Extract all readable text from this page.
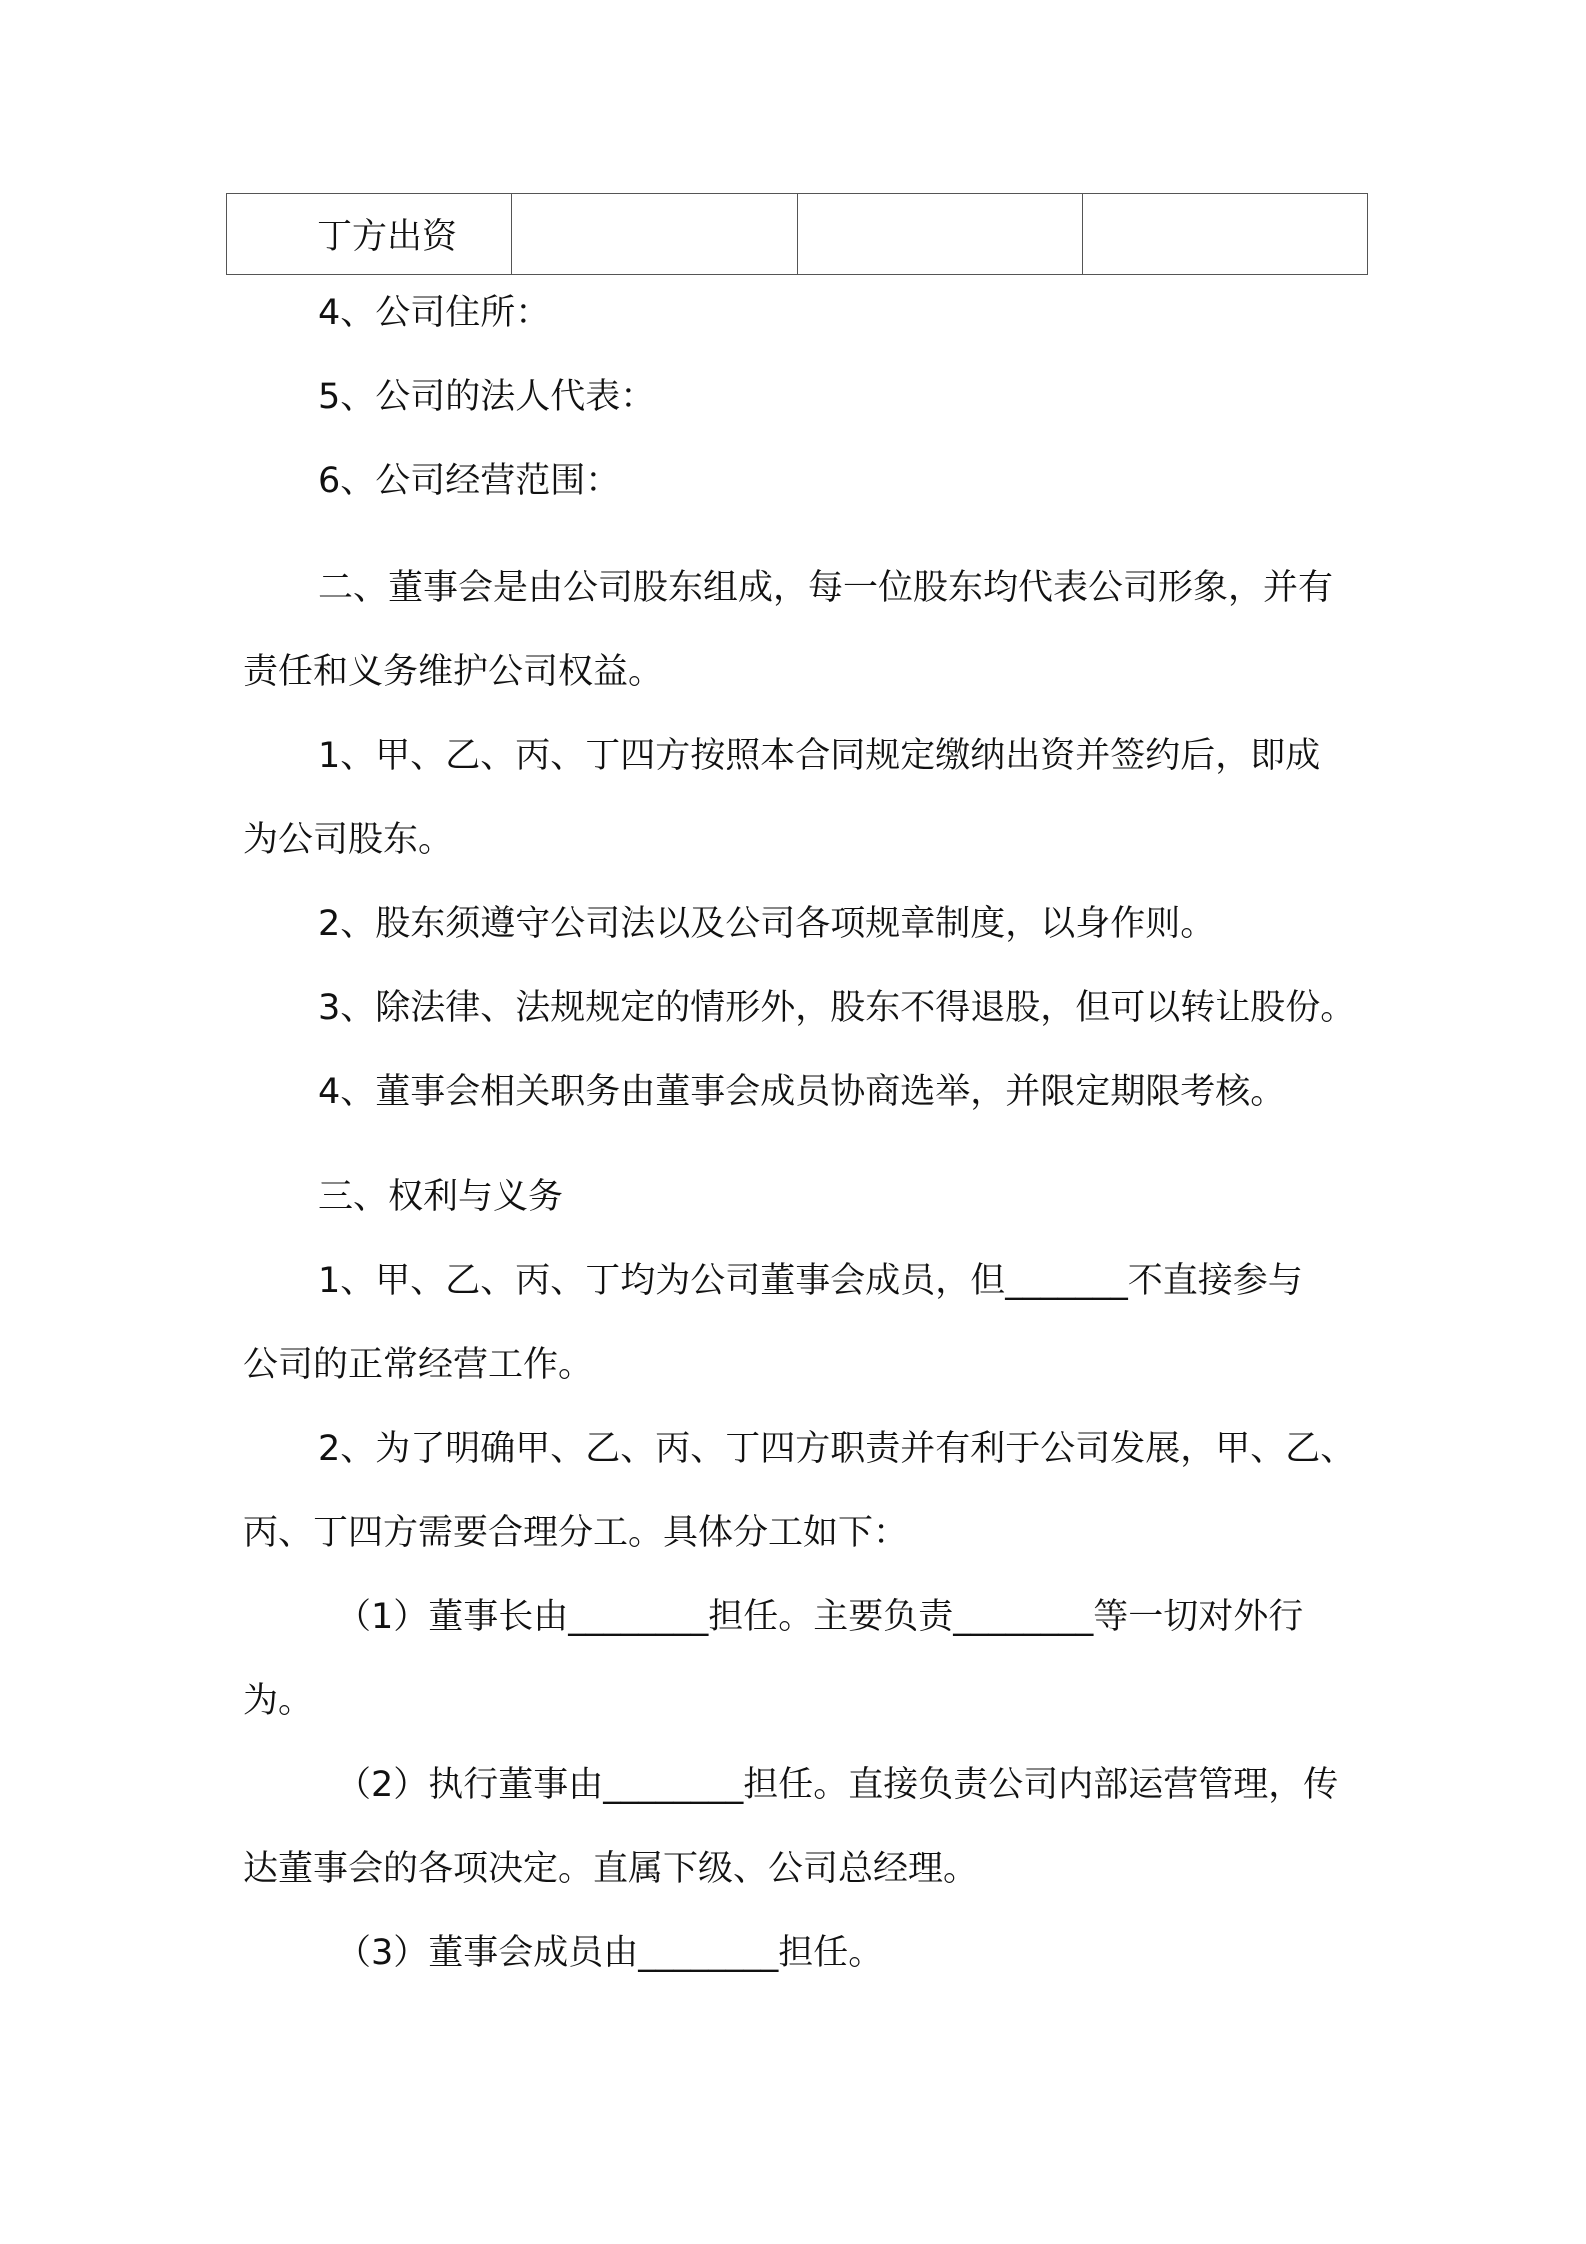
丁方出资			
4、公司住所：
5、公司的法人代表：
6、公司经营范围：
二、董事会是由公司股东组成，每一位股东均代表公司形象，并有
责任和义务维护公司权益。
1、甲、乙、丙、丁四方按照本合同规定缴纳出资并签约后，即成
为公司股东。
2、股东须遵守公司法以及公司各项规章制度，以身作则。
3、除法律、法规规定的情形外，股东不得退股，但可以转让股份。
4、董事会相关职务由董事会成员协商选举，并限定期限考核。
三、权利与义务
1、甲、乙、丙、丁均为公司董事会成员，但_______不直接参与
公司的正常经营工作。
2、为了明确甲、乙、丙、丁四方职责并有利于公司发展，甲、乙、
丙、丁四方需要合理分工。具体分工如下：
（1）董事长由________担任。主要负责________等一切对外行
为。
（2）执行董事由________担任。直接负责公司内部运营管理，传
达董事会的各项决定。直属下级、公司总经理。
（3）董事会成员由________担任。
